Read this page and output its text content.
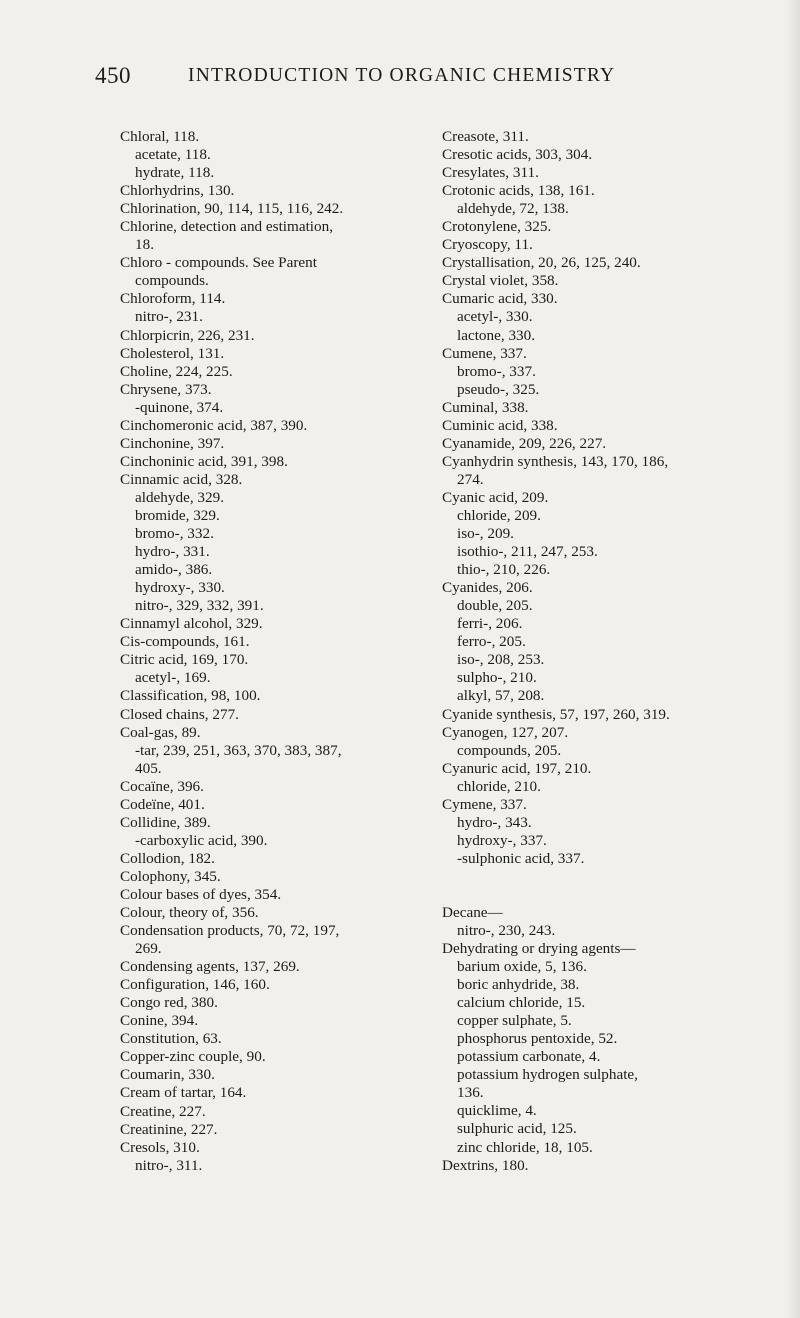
450	INTRODUCTION TO ORGANIC CHEMISTRY
Chloral, 118.
acetate, 118.
hydrate, 118.
Chlorhydrins, 130.
Chlorination, 90, 114, 115, 116, 242.
Chlorine, detection and estimation,
18.
Chloro - compounds. See Parent
compounds.
Chloroform, 114.
nitro-, 231.
Chlorpicrin, 226, 231.
Cholesterol, 131.
Choline, 224, 225.
Chrysene, 373.
-quinone, 374.
Cinchomeronic acid, 387, 390.
Cinchonine, 397.
Cinchoninic acid, 391, 398.
Cinnamic acid, 328.
aldehyde, 329.
bromide, 329.
bromo-, 332.
hydro-, 331.
amido-, 386.
hydroxy-, 330.
nitro-, 329, 332, 391.
Cinnamyl alcohol, 329.
Cis-compounds, 161.
Citric acid, 169, 170.
acetyl-, 169.
Classification, 98, 100.
Closed chains, 277.
Coal-gas, 89.
-tar, 239, 251, 363, 370, 383, 387,
405.
Cocaïne, 396.
Codeïne, 401.
Collidine, 389.
-carboxylic acid, 390.
Collodion, 182.
Colophony, 345.
Colour bases of dyes, 354.
Colour, theory of, 356.
Condensation products, 70, 72, 197,
269.
Condensing agents, 137, 269.
Configuration, 146, 160.
Congo red, 380.
Conine, 394.
Constitution, 63.
Copper-zinc couple, 90.
Coumarin, 330.
Cream of tartar, 164.
Creatine, 227.
Creatinine, 227.
Cresols, 310.
nitro-, 311.
Creasote, 311.
Cresotic acids, 303, 304.
Cresylates, 311.
Crotonic acids, 138, 161.
aldehyde, 72, 138.
Crotonylene, 325.
Cryoscopy, 11.
Crystallisation, 20, 26, 125, 240.
Crystal violet, 358.
Cumaric acid, 330.
acetyl-, 330.
lactone, 330.
Cumene, 337.
bromo-, 337.
pseudo-, 325.
Cuminal, 338.
Cuminic acid, 338.
Cyanamide, 209, 226, 227.
Cyanhydrin synthesis, 143, 170, 186,
274.
Cyanic acid, 209.
chloride, 209.
iso-, 209.
isothio-, 211, 247, 253.
thio-, 210, 226.
Cyanides, 206.
double, 205.
ferri-, 206.
ferro-, 205.
iso-, 208, 253.
sulpho-, 210.
alkyl, 57, 208.
Cyanide synthesis, 57, 197, 260, 319.
Cyanogen, 127, 207.
compounds, 205.
Cyanuric acid, 197, 210.
chloride, 210.
Cymene, 337.
hydro-, 343.
hydroxy-, 337.
-sulphonic acid, 337.
Decane—
nitro-, 230, 243.
Dehydrating or drying agents—
barium oxide, 5, 136.
boric anhydride, 38.
calcium chloride, 15.
copper sulphate, 5.
phosphorus pentoxide, 52.
potassium carbonate, 4.
potassium hydrogen sulphate,
136.
quicklime, 4.
sulphuric acid, 125.
zinc chloride, 18, 105.
Dextrins, 180.
